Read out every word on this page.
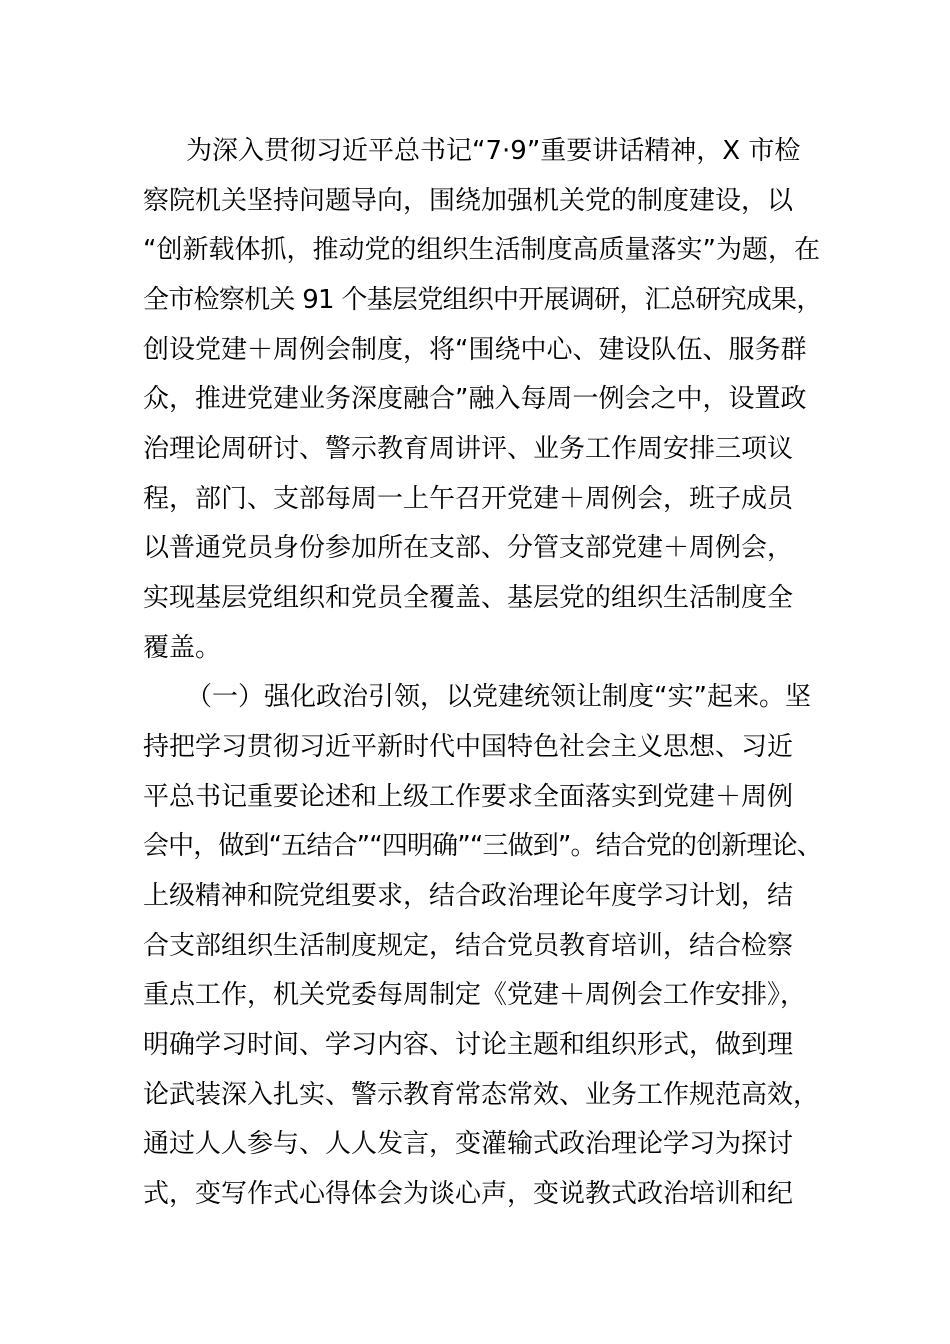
为深入贯彻习近平总书记“7·9”重要讲话精神，X 市检

察院机关坚持问题导向，围绕加强机关党的制度建设，以

“创新载体抓，推动党的组织生活制度高质量落实”为题，在

全市检察机关 91 个基层党组织中开展调研，汇总研究成果，

创设党建＋周例会制度，将“围绕中心、建设队伍、服务群

众，推进党建业务深度融合”融入每周一例会之中，设置政

治理论周研讨、警示教育周讲评、业务工作周安排三项议

程，部门、支部每周一上午召开党建＋周例会，班子成员

以普通党员身份参加所在支部、分管支部党建＋周例会，

实现基层党组织和党员全覆盖、基层党的组织生活制度全

覆盖。

（一）强化政治引领，以党建统领让制度“实”起来。坚

持把学习贯彻习近平新时代中国特色社会主义思想、习近

平总书记重要论述和上级工作要求全面落实到党建＋周例

会中，做到“五结合”“四明确”“三做到”。结合党的创新理论、

上级精神和院党组要求，结合政治理论年度学习计划，结

合支部组织生活制度规定，结合党员教育培训，结合检察

重点工作，机关党委每周制定《党建＋周例会工作安排》，

明确学习时间、学习内容、讨论主题和组织形式，做到理

论武装深入扎实、警示教育常态常效、业务工作规范高效，

通过人人参与、人人发言，变灌输式政治理论学习为探讨

式，变写作式心得体会为谈心声，变说教式政治培训和纪
